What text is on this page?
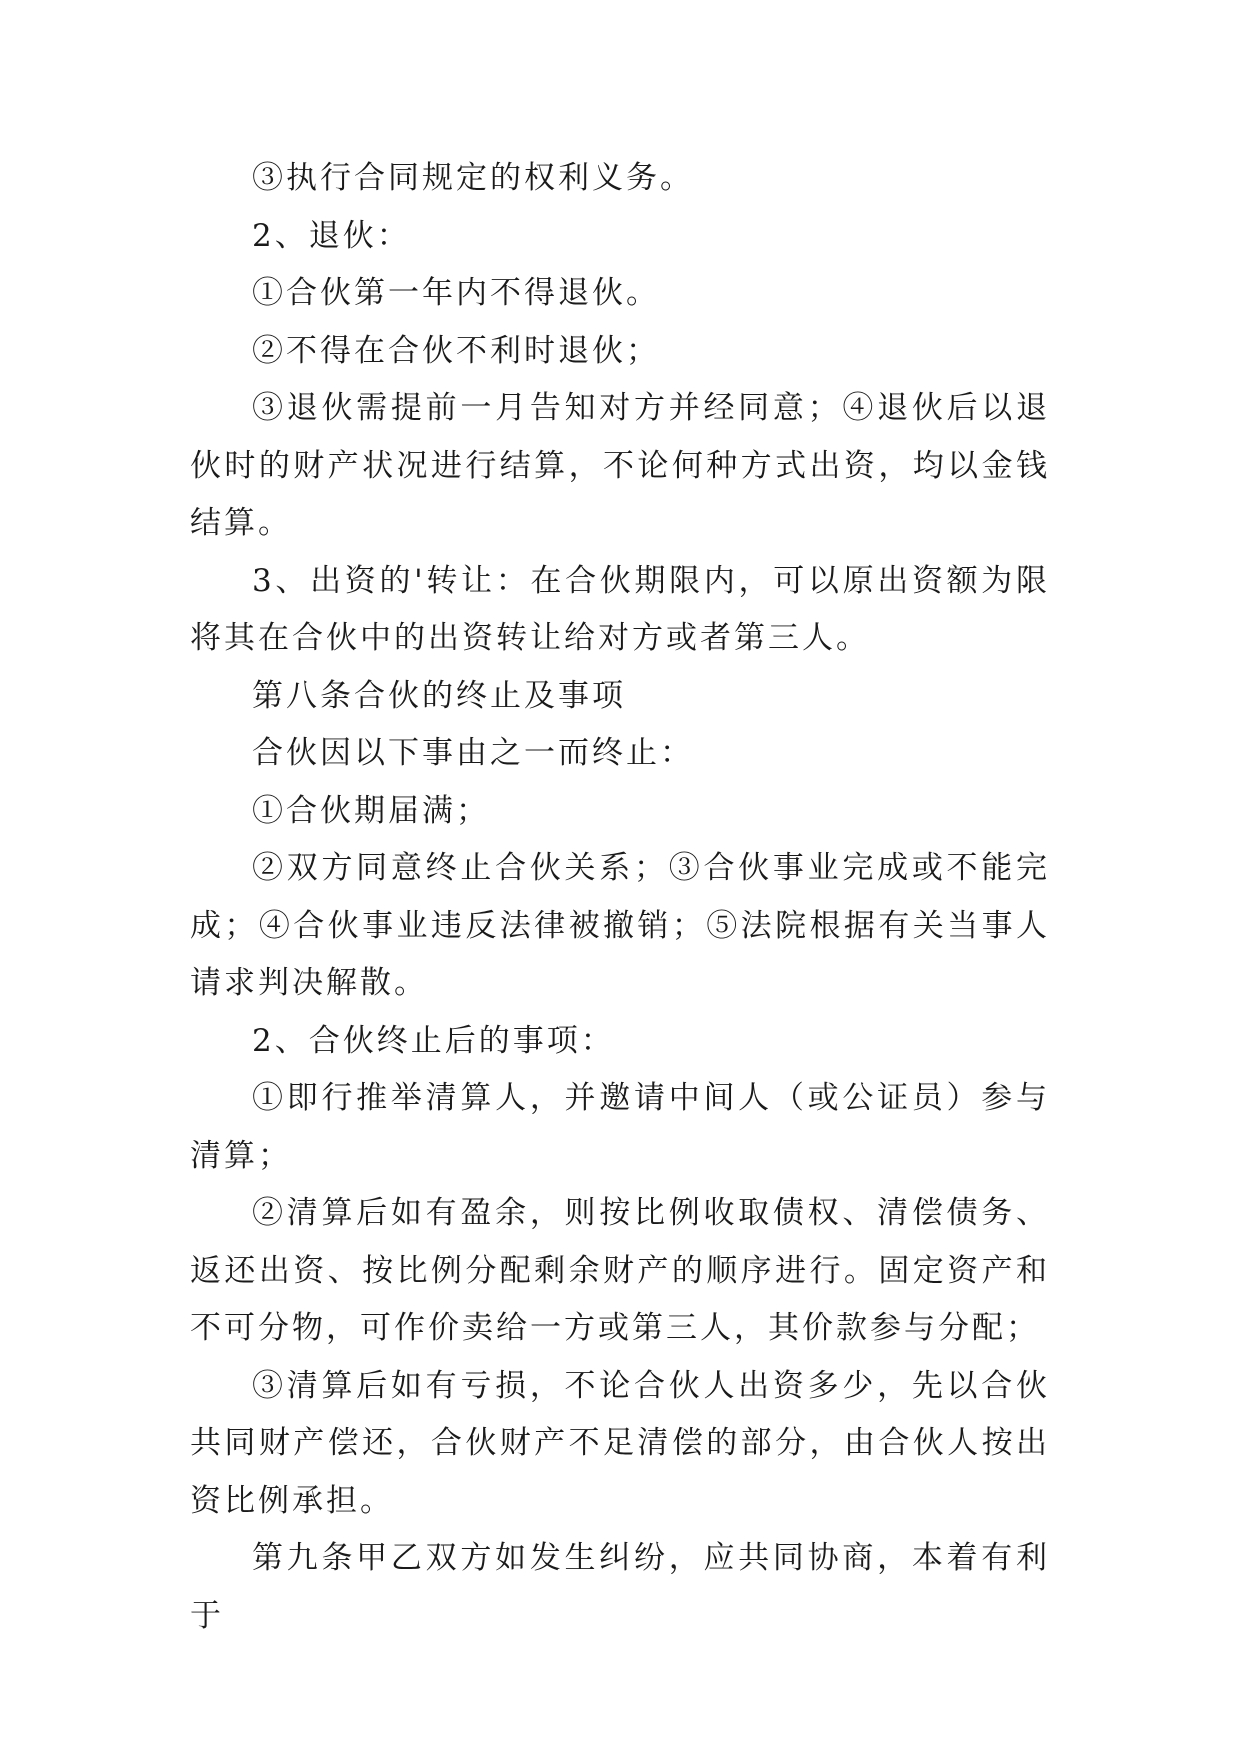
③执行合同规定的权利义务。

2、退伙：

①合伙第一年内不得退伙。

②不得在合伙不利时退伙；

③退伙需提前一月告知对方并经同意；④退伙后以退伙时的财产状况进行结算，不论何种方式出资，均以金钱结算。

3、出资的'转让：在合伙期限内，可以原出资额为限将其在合伙中的出资转让给对方或者第三人。

第八条合伙的终止及事项

合伙因以下事由之一而终止：

①合伙期届满；

②双方同意终止合伙关系；③合伙事业完成或不能完成；④合伙事业违反法律被撤销；⑤法院根据有关当事人请求判决解散。

2、合伙终止后的事项：

①即行推举清算人，并邀请中间人（或公证员）参与清算；

②清算后如有盈余，则按比例收取债权、清偿债务、返还出资、按比例分配剩余财产的顺序进行。固定资产和不可分物，可作价卖给一方或第三人，其价款参与分配；

③清算后如有亏损，不论合伙人出资多少，先以合伙共同财产偿还，合伙财产不足清偿的部分，由合伙人按出资比例承担。

第九条甲乙双方如发生纠纷，应共同协商，本着有利于
